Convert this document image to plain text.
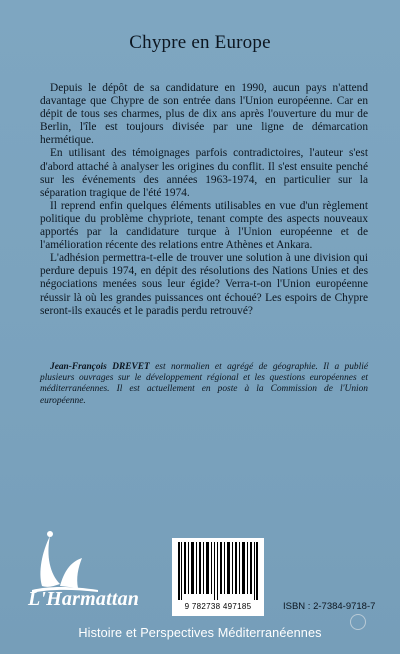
Chypre en Europe

Depuis le dépôt de sa candidature en 1990, aucun pays n'attend davantage que Chypre de son entrée dans l'Union européenne. Car en dépit de tous ses charmes, plus de dix ans après l'ouverture du mur de Berlin, l'île est toujours divisée par une ligne de démarcation hermétique.

En utilisant des témoignages parfois contradictoires, l'auteur s'est d'abord attaché à analyser les origines du conflit. Il s'est ensuite penché sur les événements des années 1963-1974, en particulier sur la séparation tragique de l'été 1974.

Il reprend enfin quelques éléments utilisables en vue d'un règlement politique du problème chypriote, tenant compte des aspects nouveaux apportés par la candidature turque à l'Union européenne et de l'amélioration récente des relations entre Athènes et Ankara.

L'adhésion permettra-t-elle de trouver une solution à une division qui perdure depuis 1974, en dépit des résolutions des Nations Unies et des négociations menées sous leur égide? Verra-t-on l'Union européenne réussir là où les grandes puissances ont échoué? Les espoirs de Chypre seront-ils exaucés et le paradis perdu retrouvé?

Jean-François DREVET est normalien et agrégé de géographie. Il a publié plusieurs ouvrages sur le développement régional et les questions européennes et méditerranéennes. Il est actuellement en poste à la Commission de l'Union européenne.
L'Harmattan	9 782738 497185	ISBN : 2-7384-9718-7
Histoire et Perspectives Méditerranéennes
